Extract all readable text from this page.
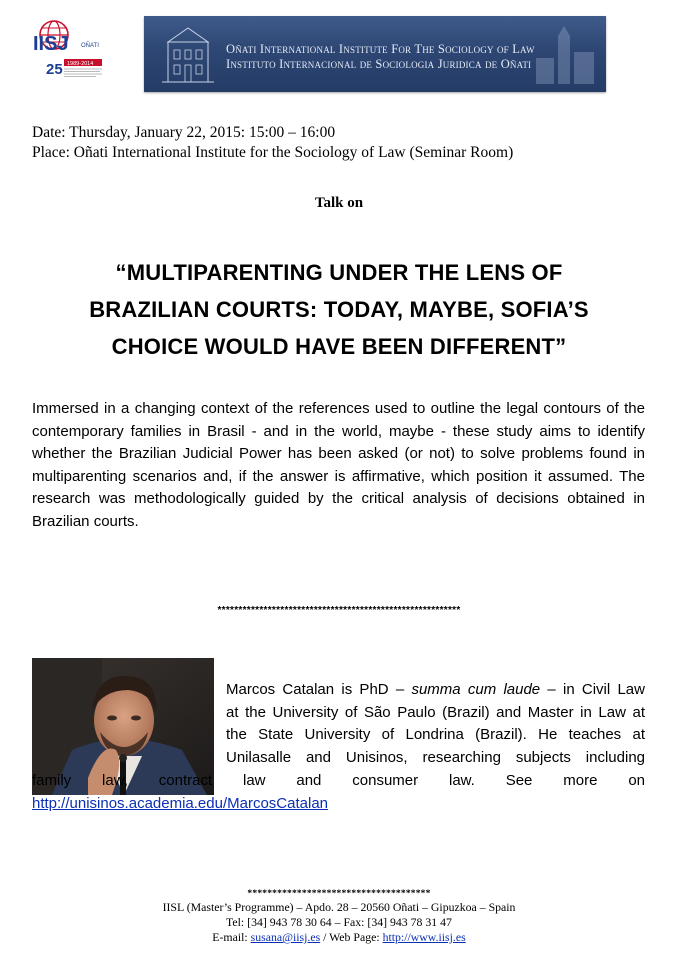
IISJ OÑATI
25 1989-2014
Oñati International Institute For The Sociology of Law
Instituto Internacional de Sociologia Juridica de Oñati
Date: Thursday, January 22, 2015: 15:00 – 16:00
Place: Oñati International Institute for the Sociology of Law (Seminar Room)
Talk on
“MULTIPARENTING UNDER THE LENS OF
BRAZILIAN COURTS: TODAY, MAYBE, SOFIA’S
CHOICE WOULD HAVE BEEN DIFFERENT”
Immersed in a changing context of the references used to outline the legal contours of the
contemporary families in Brasil - and in the world, maybe - these study aims to identify
whether the Brazilian Judicial Power has been asked (or not) to solve problems found in
multiparenting scenarios and, if the answer is affirmative, which position it assumed. The
research was methodologically guided by the critical analysis of decisions obtained in
Brazilian courts.
**********************************************************
Marcos Catalan is PhD – summa cum laude – in Civil Law
at the University of São Paulo (Brazil) and Master in Law at
the State University of Londrina (Brazil). He teaches at
Unilasalle and Unisinos, researching subjects including
family law, contract law and consumer law. See more on
http://unisinos.academia.edu/MarcosCatalan
*************************************
IISL (Master’s Programme) – Apdo. 28 – 20560 Oñati – Gipuzkoa – Spain
Tel: [34] 943 78 30 64 – Fax: [34] 943 78 31 47
E-mail: susana@iisj.es / Web Page: http://www.iisj.es
